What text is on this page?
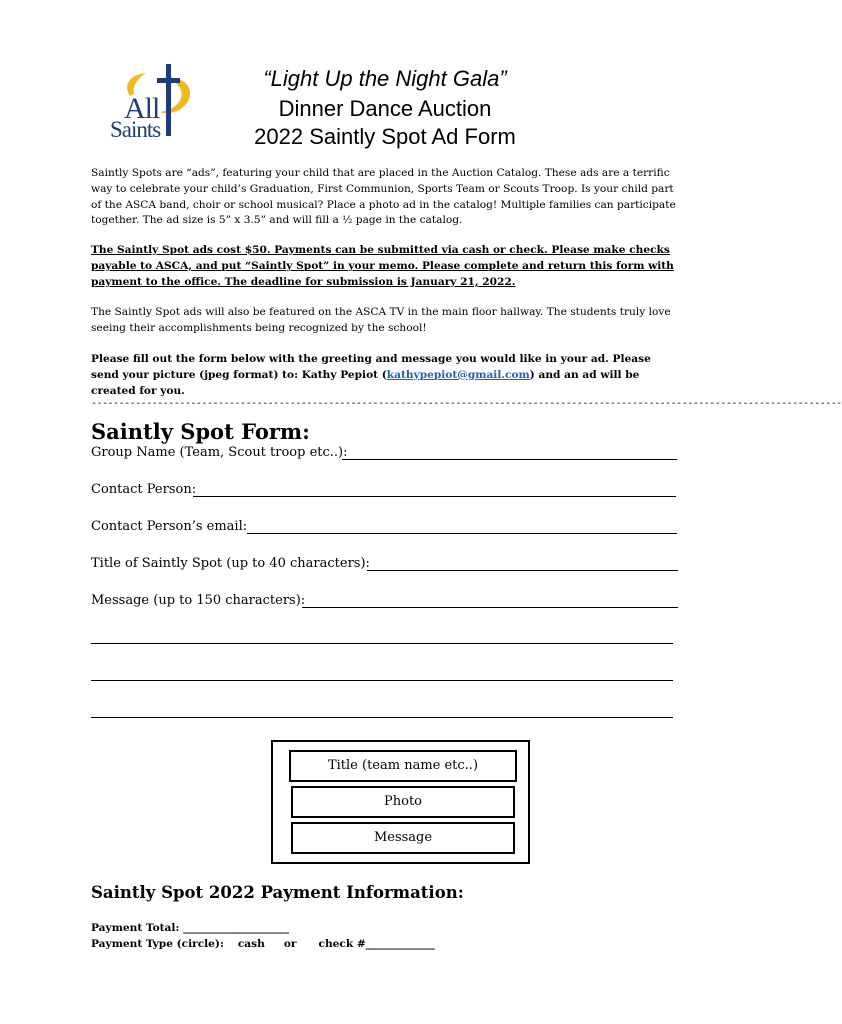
All
Saints
“Light Up the Night Gala”
Dinner Dance Auction
2022 Saintly Spot Ad Form
Saintly Spots are “ads”, featuring your child that are placed in the Auction Catalog. These ads are a terrific way to celebrate your child’s Graduation, First Communion, Sports Team or Scouts Troop. Is your child part of the ASCA band, choir or school musical? Place a photo ad in the catalog! Multiple families can participate together. The ad size is 5” x 3.5” and will fill a ½ page in the catalog.
The Saintly Spot ads cost $50. Payments can be submitted via cash or check. Please make checks payable to ASCA, and put “Saintly Spot” in your memo. Please complete and return this form with payment to the office. The deadline for submission is January 21, 2022.
The Saintly Spot ads will also be featured on the ASCA TV in the main floor hallway. The students truly love seeing their accomplishments being recognized by the school!
Please fill out the form below with the greeting and message you would like in your ad. Please send your picture (jpeg format) to: Kathy Pepiot (kathypepiot@gmail.com) and an ad will be created for you.
----------------------------------------------------------------------------------------------------------------------------------------
Saintly Spot Form:
Group Name (Team, Scout troop etc..):
Contact Person:
Contact Person’s email:
Title of Saintly Spot (up to 40 characters):
Message (up to 150 characters):
Title (team name etc..)
Photo
Message
Saintly Spot 2022 Payment Information:
Payment Total: ____________________
Payment Type (circle): cash or check #_____________
